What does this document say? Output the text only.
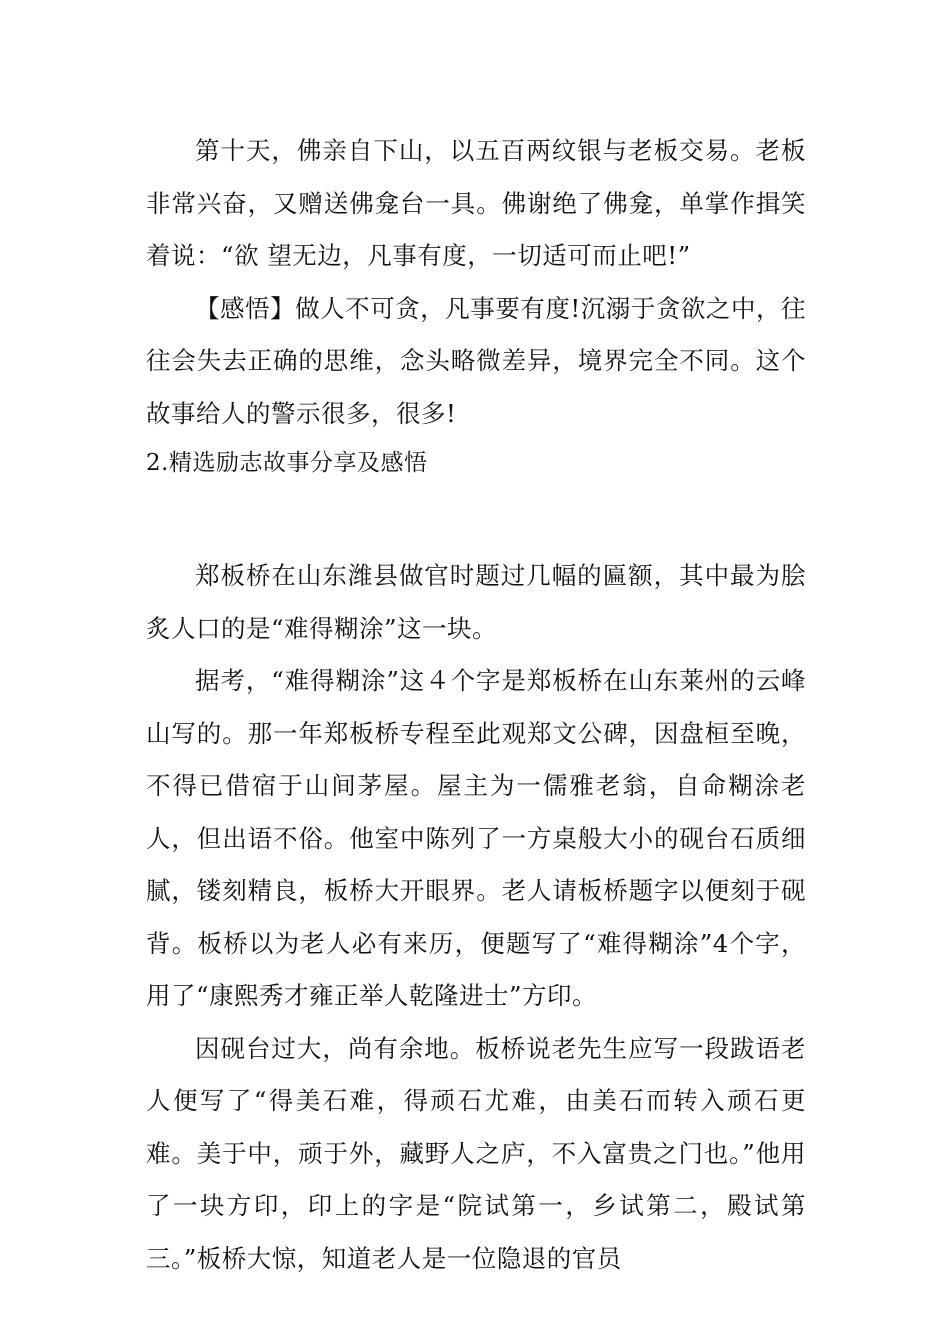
第十天，佛亲自下山，以五百两纹银与老板交易。老板非常兴奋，又赠送佛龛台一具。佛谢绝了佛龛，单掌作揖笑着说：“欲 望无边，凡事有度，一切适可而止吧!”

【感悟】做人不可贪，凡事要有度!沉溺于贪欲之中，往往会失去正确的思维，念头略微差异，境界完全不同。这个故事给人的警示很多，很多!

2.精选励志故事分享及感悟

郑板桥在山东潍县做官时题过几幅的匾额，其中最为脍炙人口的是“难得糊涂”这一块。

据考，“难得糊涂”这４个字是郑板桥在山东莱州的云峰山写的。那一年郑板桥专程至此观郑文公碑，因盘桓至晚，不得已借宿于山间茅屋。屋主为一儒雅老翁，自命糊涂老人，但出语不俗。他室中陈列了一方桌般大小的砚台石质细腻，镂刻精良，板桥大开眼界。老人请板桥题字以便刻于砚背。板桥以为老人必有来历，便题写了“难得糊涂”4个字，用了“康熙秀才雍正举人乾隆进士”方印。

因砚台过大，尚有余地。板桥说老先生应写一段跋语老人便写了“得美石难，得顽石尤难，由美石而转入顽石更难。美于中，顽于外，藏野人之庐，不入富贵之门也。”他用了一块方印，印上的字是“院试第一，乡试第二，殿试第三。”板桥大惊，知道老人是一位隐退的官员
